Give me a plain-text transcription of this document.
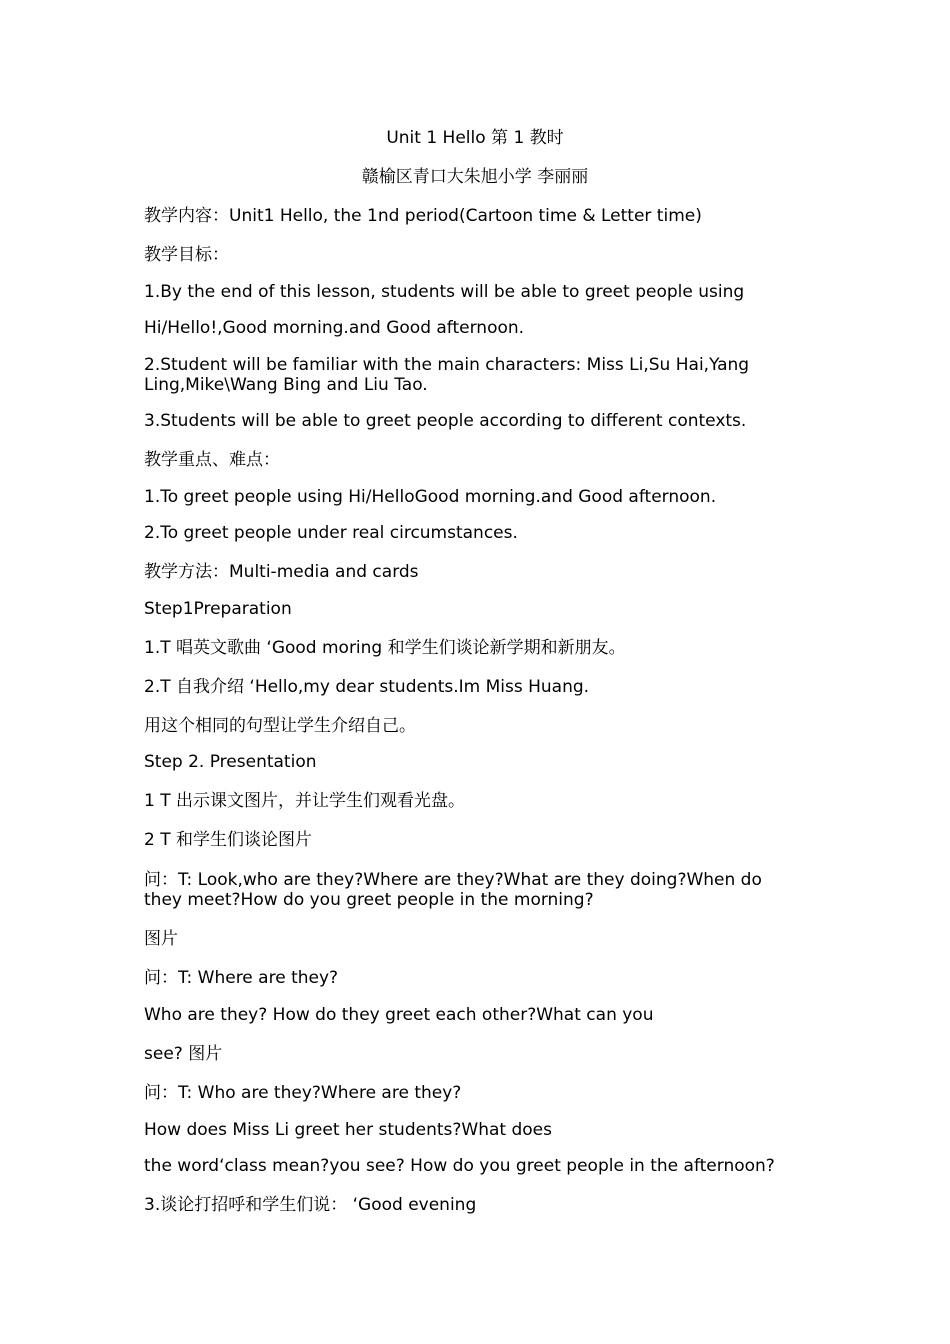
Unit 1 Hello 第 1 教时
赣榆区青口大朱旭小学 李丽丽
教学内容：Unit1 Hello, the 1nd period(Cartoon time & Letter time)
教学目标：
1.By the end of this lesson, students will be able to greet people using
Hi/Hello!,Good morning.and Good afternoon.
2.Student will be familiar with the main characters: Miss Li,Su Hai,Yang Ling,Mike\Wang Bing and Liu Tao.
3.Students will be able to greet people according to different contexts.
教学重点、难点：
1.To greet people using Hi/HelloGood morning.and Good afternoon.
2.To greet people under real circumstances.
教学方法：Multi-media and cards
Step1Preparation
1.T 唱英文歌曲 ‘Good moring 和学生们谈论新学期和新朋友。
2.T 自我介绍 ‘Hello,my dear students.Im Miss Huang.
用这个相同的句型让学生介绍自己。
Step 2. Presentation
1 T 出示课文图片，并让学生们观看光盘。
2 T 和学生们谈论图片
问：T: Look,who are they?Where are they?What are they doing?When do they meet?How do you greet people in the morning?
图片
问：T: Where are they?
Who are they? How do they greet each other?What can you
see? 图片
问：T: Who are they?Where are they?
How does Miss Li greet her students?What does
the word‘class mean?you see? How do you greet people in the afternoon?
3.谈论打招呼和学生们说： ‘Good evening
